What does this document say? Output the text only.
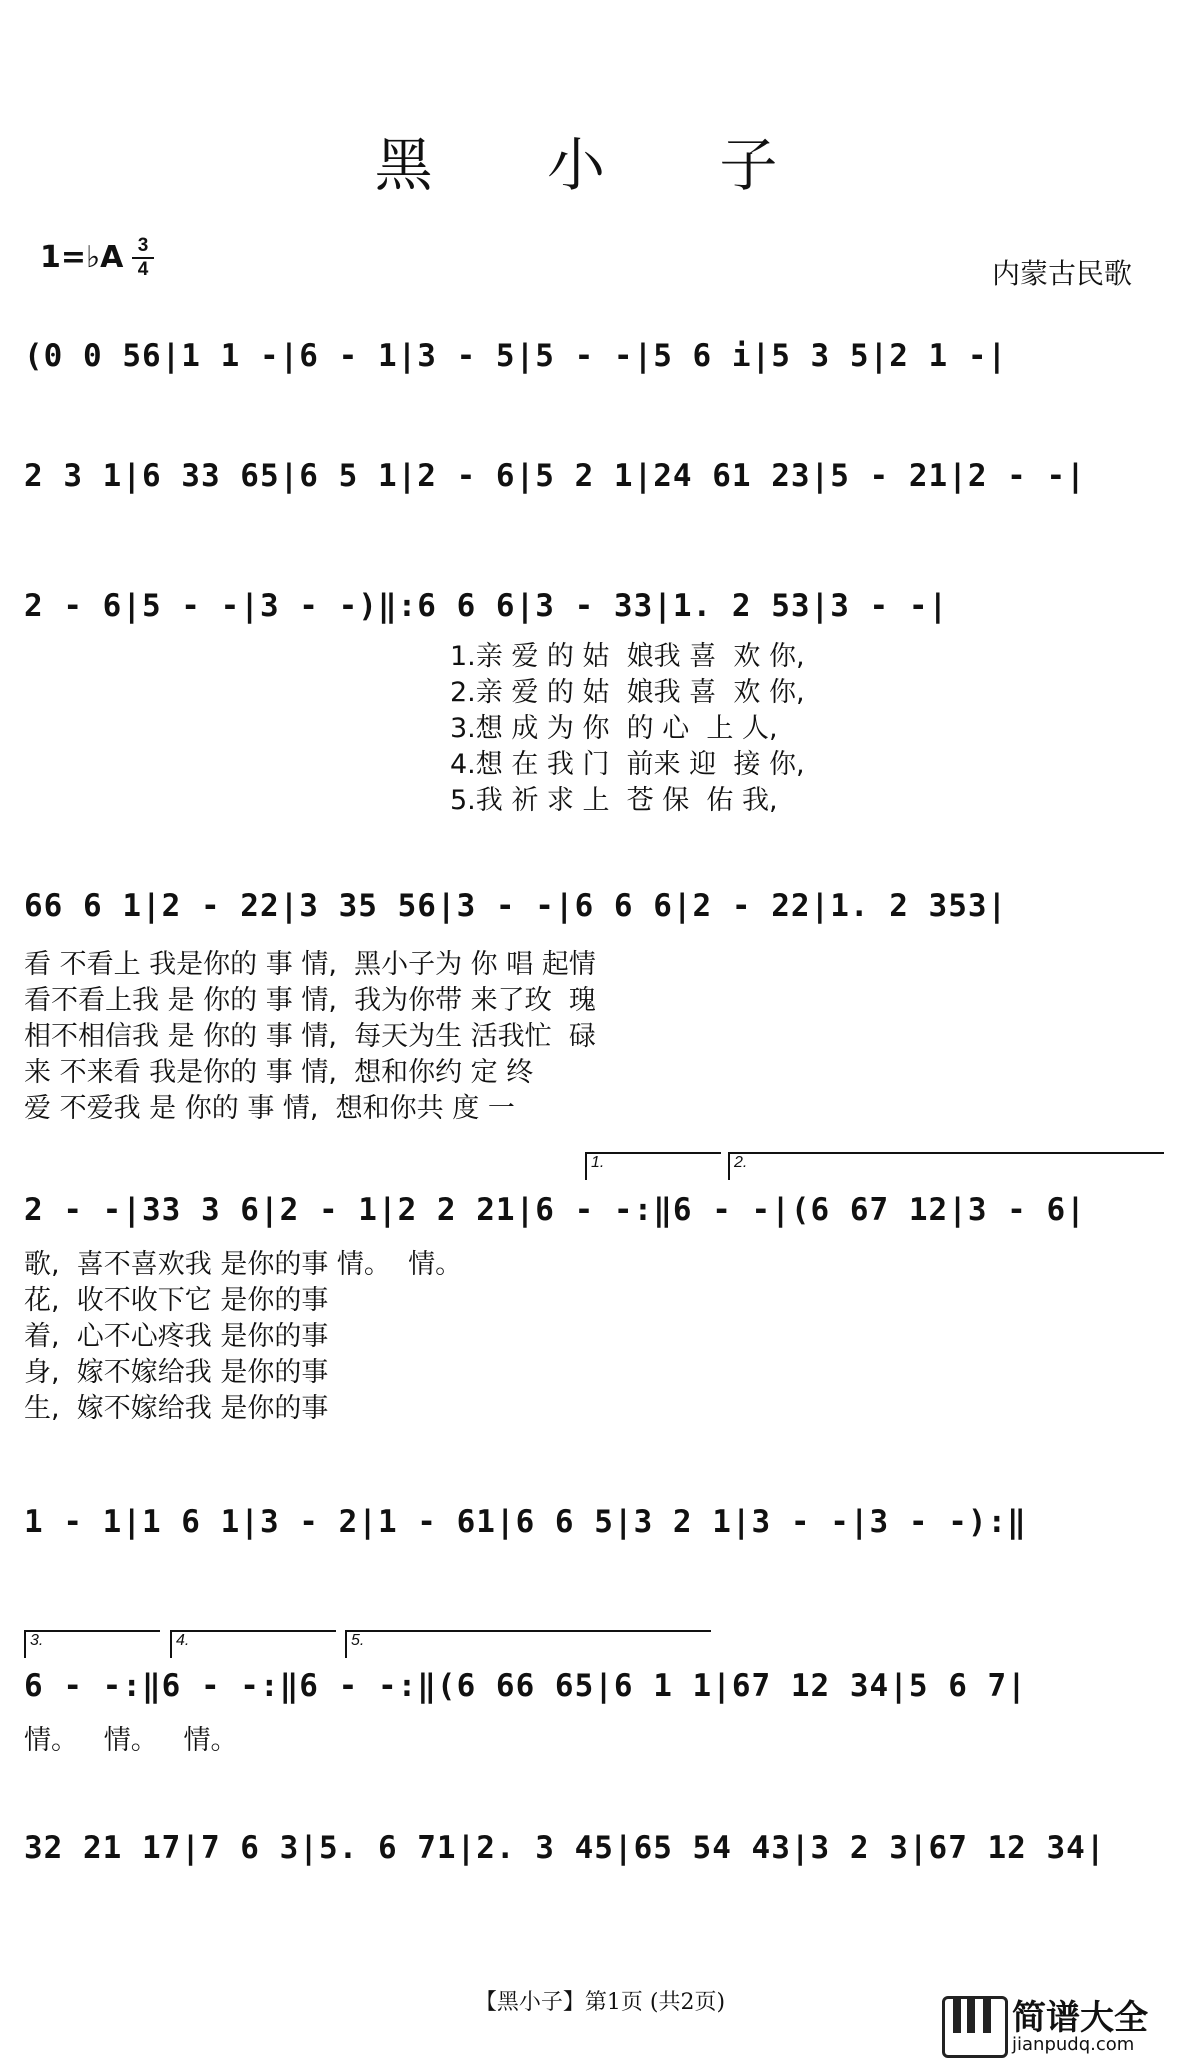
黑 小 子
1=♭A 3
4	内蒙古民歌
(0 0 56|1 1 -|6 - 1|3 - 5|5 - -|5 6 i|5 3 5|2 1 -|
2 3 1|6 33 65|6 5 1|2 - 6|5 2 1|24 61 23|5 - 21|2 - -|
2 - 6|5 - -|3 - -)‖:6 6 6|3 - 33|1. 2 53|3 - -|
1.亲 爱 的 姑  娘我 喜  欢 你,
2.亲 爱 的 姑  娘我 喜  欢 你,
3.想 成 为 你  的 心  上 人,
4.想 在 我 门  前来 迎  接 你,
5.我 祈 求 上  苍 保  佑 我,
66 6 1|2 - 22|3 35 56|3 - -|6 6 6|2 - 22|1. 2 353|
看 不看上 我是你的 事 情,  黑小子为 你 唱 起情
看不看上我 是 你的 事 情,  我为你带 来了玫  瑰
相不相信我 是 你的 事 情,  每天为生 活我忙  碌
来 不来看 我是你的 事 情,  想和你约 定 终
爱 不爱我 是 你的 事 情,  想和你共 度 一
1.	2.
2 - -|33 3 6|2 - 1|2 2 21|6 - -:‖6 - -|(6 67 12|3 - 6|
歌,  喜不喜欢我 是你的事 情。  情。
花,  收不收下它 是你的事
着,  心不心疼我 是你的事
身,  嫁不嫁给我 是你的事
生,  嫁不嫁给我 是你的事
1 - 1|1 6 1|3 - 2|1 - 61|6 6 5|3 2 1|3 - -|3 - -):‖
3.	4.	5.
6 - -:‖6 - -:‖6 - -:‖(6 66 65|6 1 1|67 12 34|5 6 7|
情。   情。   情。
32 21 17|7 6 3|5. 6 71|2. 3 45|65 54 43|3 2 3|67 12 34|
【黑小子】第1页 (共2页)	简谱大全
jianpudq.com
